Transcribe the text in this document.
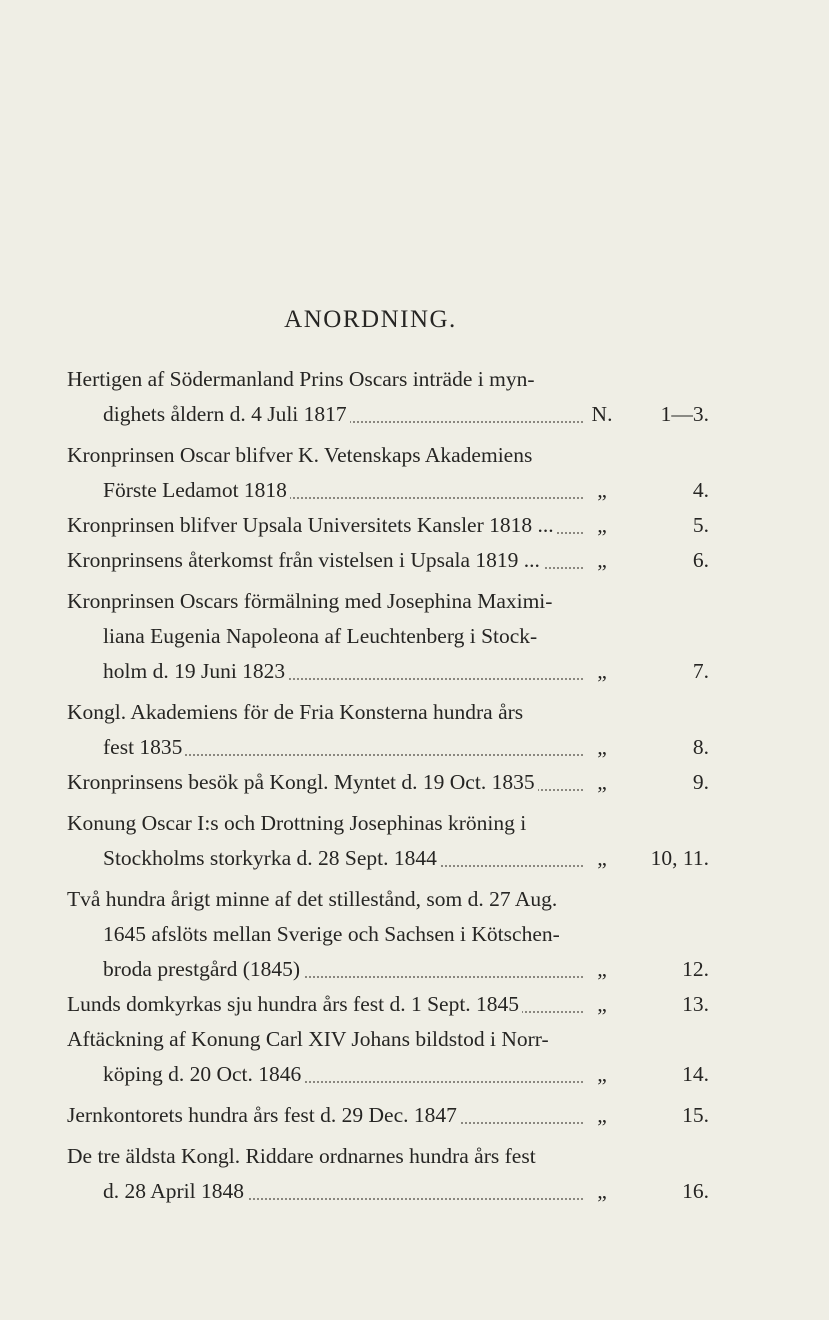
ANORDNING.
Hertigen af Södermanland Prins Oscars inträde i myn-
dighets åldern d. 4 Juli 1817	N. 1—3.
Kronprinsen Oscar blifver K. Vetenskaps Akademiens
Förste Ledamot 1818	„	4.
Kronprinsen blifver Upsala Universitets Kansler 1818 ...	„	5.
Kronprinsens återkomst från vistelsen i Upsala 1819 ...	„	6.
Kronprinsen Oscars förmälning med Josephina Maximi-
liana Eugenia Napoleona af Leuchtenberg i Stock-
holm d. 19 Juni 1823	„	7.
Kongl. Akademiens för de Fria Konsterna hundra års
fest 1835	„	8.
Kronprinsens besök på Kongl. Myntet d. 19 Oct. 1835	„	9.
Konung Oscar I:s och Drottning Josephinas kröning i
Stockholms storkyrka d. 28 Sept. 1844	„	10, 11.
Två hundra årigt minne af det stillestånd, som d. 27 Aug.
1645 afslöts mellan Sverige och Sachsen i Kötschen-
broda prestgård (1845)	„	12.
Lunds domkyrkas sju hundra års fest d. 1 Sept. 1845	„	13.
Aftäckning af Konung Carl XIV Johans bildstod i Norr-
köping d. 20 Oct. 1846	„	14.
Jernkontorets hundra års fest d. 29 Dec. 1847	„	15.
De tre äldsta Kongl. Riddare ordnarnes hundra års fest
d. 28 April 1848	„	16.
